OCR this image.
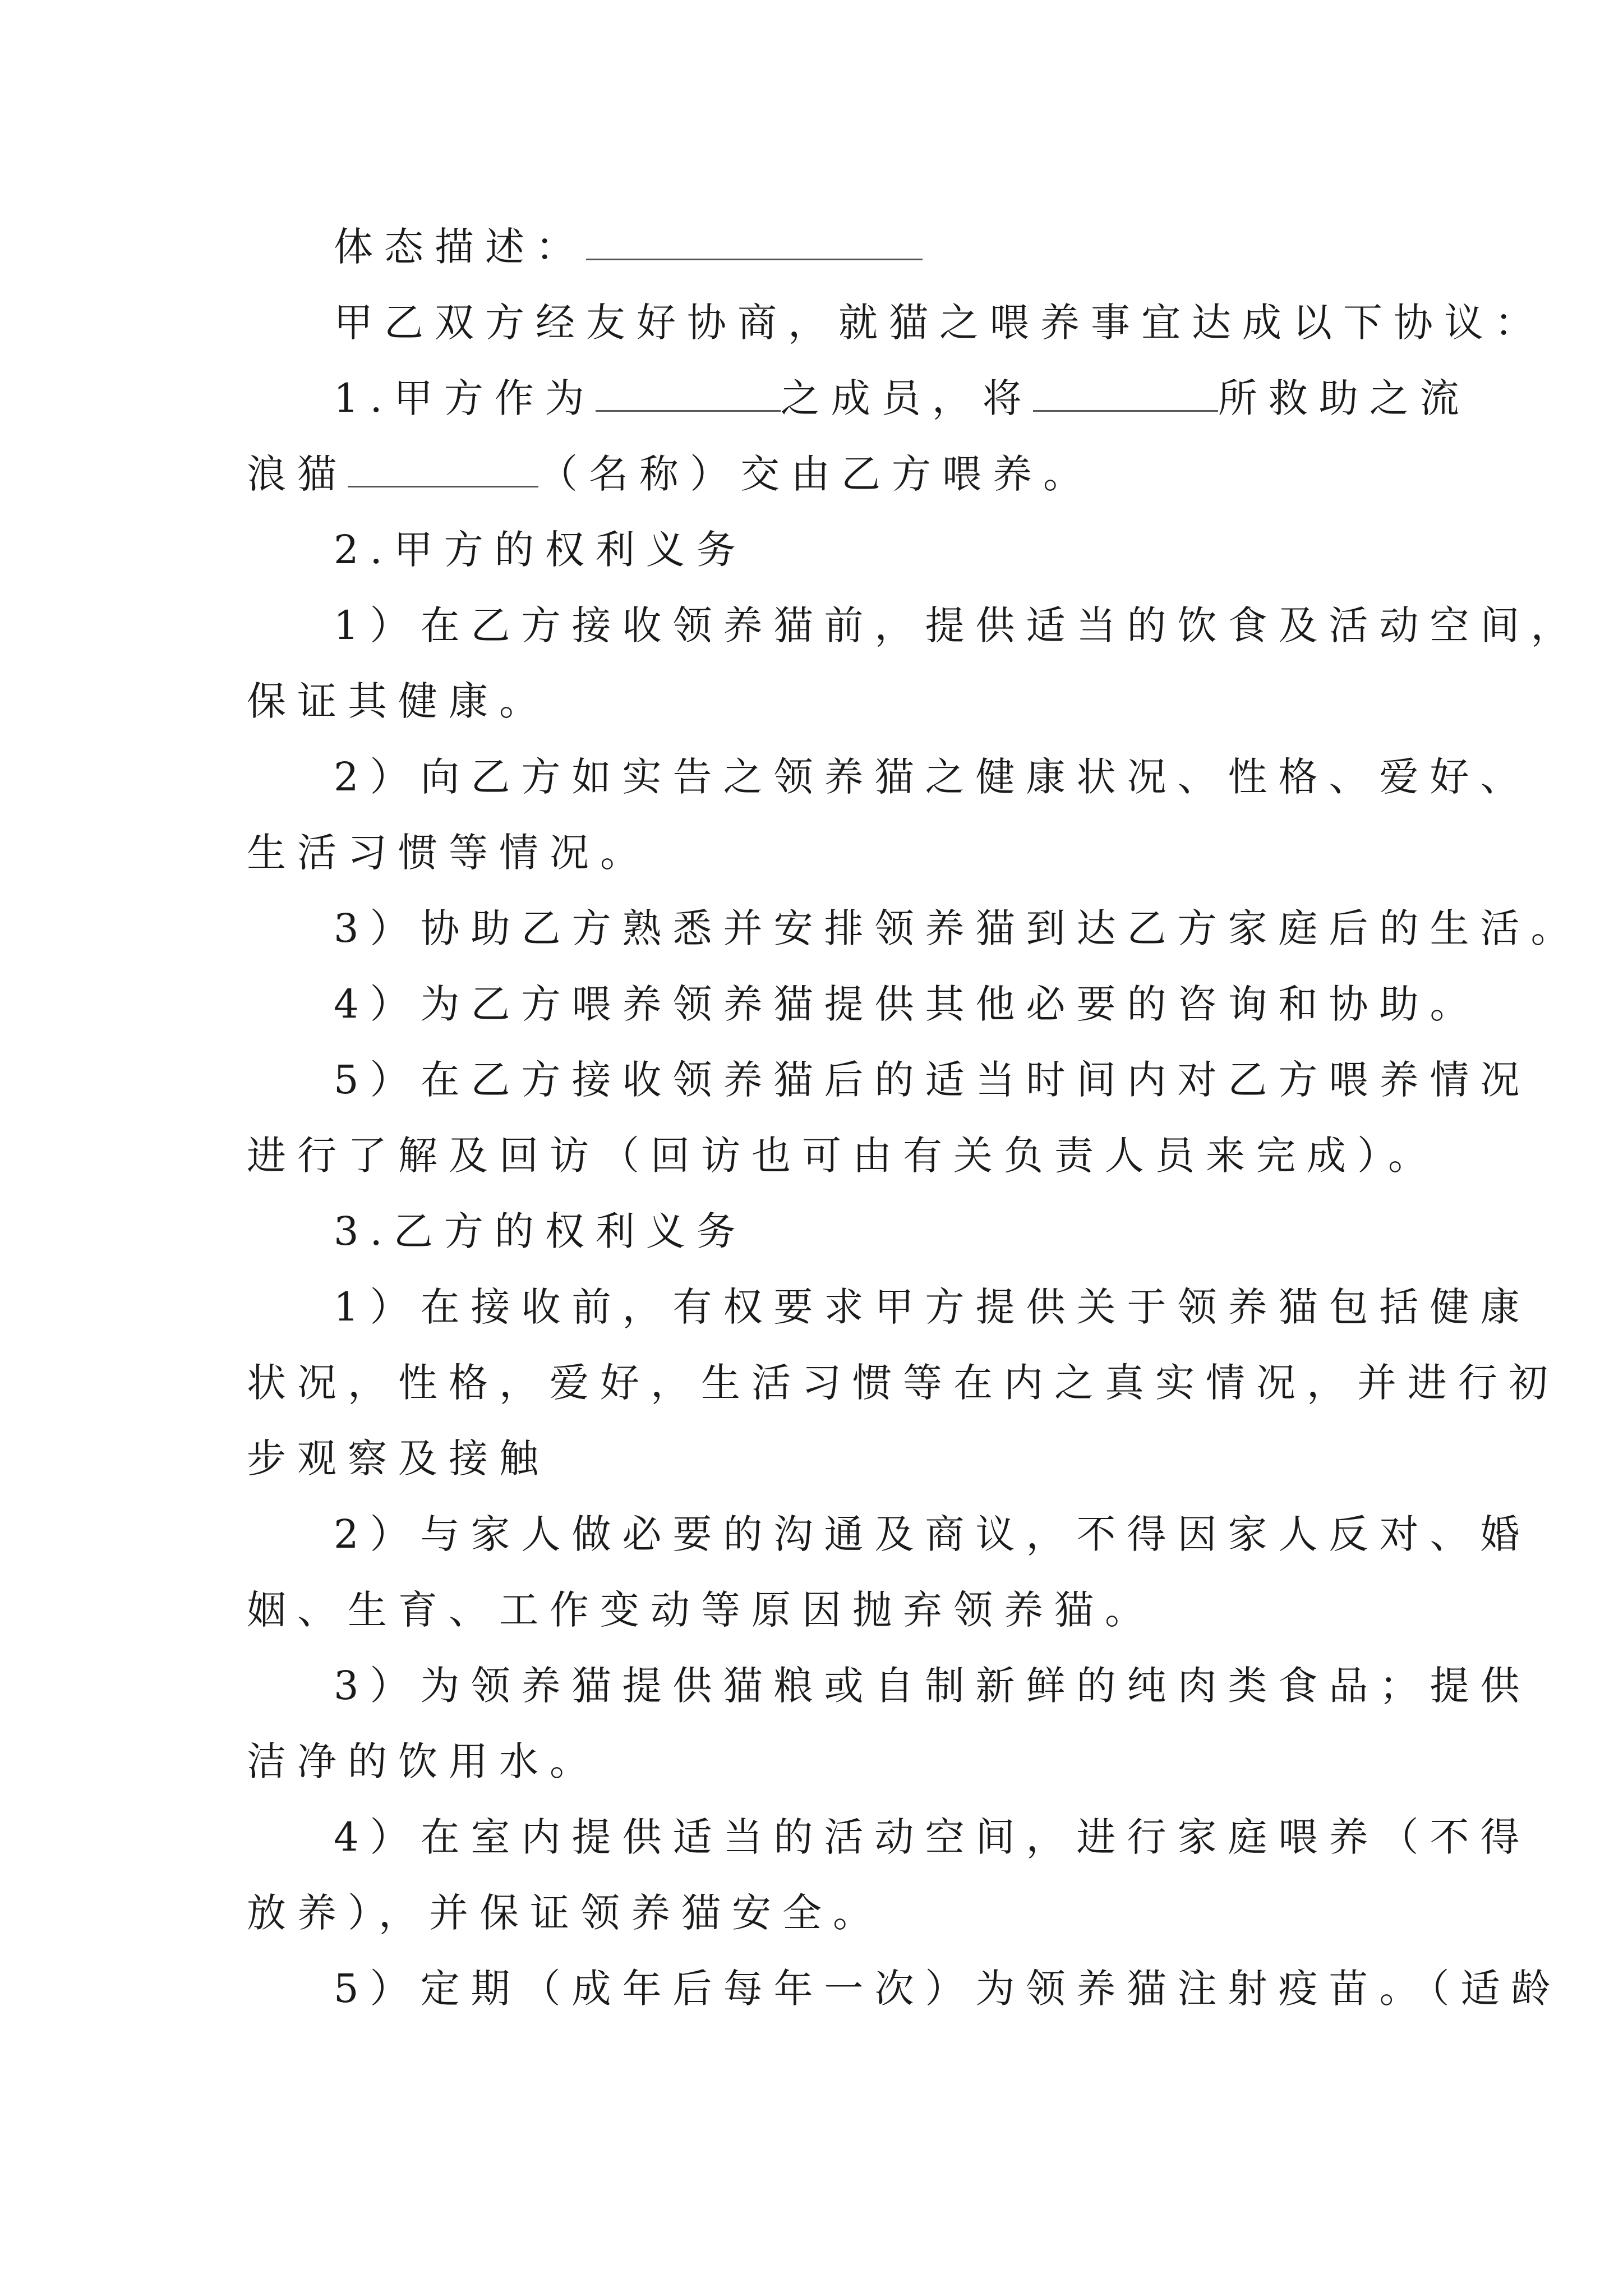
体态描述：
甲乙双方经友好协商，就猫之喂养事宜达成以下协议：
1.甲方作为	之成员，将	所救助之流
浪猫	（名称）交由乙方喂养。
2.甲方的权利义务
1）在乙方接收领养猫前，提供适当的饮食及活动空间，
保证其健康。
2）向乙方如实告之领养猫之健康状况、性格、爱好、
生活习惯等情况。
3）协助乙方熟悉并安排领养猫到达乙方家庭后的生活。
4）为乙方喂养领养猫提供其他必要的咨询和协助。
5）在乙方接收领养猫后的适当时间内对乙方喂养情况
进行了解及回访（回访也可由有关负责人员来完成）。
3.乙方的权利义务
1）在接收前，有权要求甲方提供关于领养猫包括健康
状况，性格，爱好，生活习惯等在内之真实情况，并进行初
步观察及接触
2）与家人做必要的沟通及商议，不得因家人反对、婚
姻、生育、工作变动等原因抛弃领养猫。
3）为领养猫提供猫粮或自制新鲜的纯肉类食品；提供
洁净的饮用水。
4）在室内提供适当的活动空间，进行家庭喂养（不得
放养），并保证领养猫安全。
5）定期（成年后每年一次）为领养猫注射疫苗。（适龄
